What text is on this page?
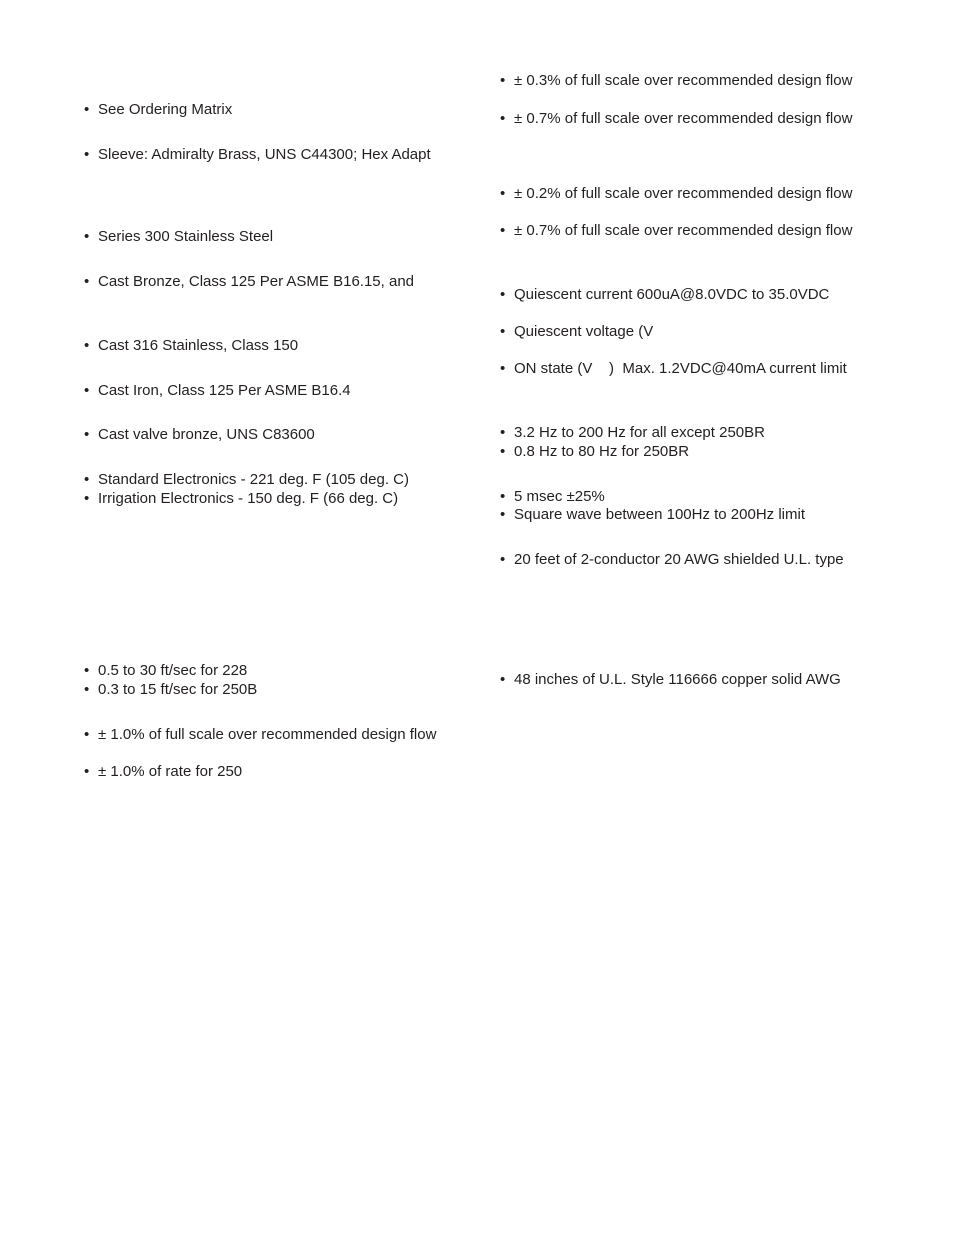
• See Ordering Matrix
• Sleeve: Admiralty Brass, UNS C44300; Hex Adapt
• Series 300 Stainless Steel
• Cast Bronze, Class 125 Per ASME B16.15, and
• Cast 316 Stainless, Class 150
• Cast Iron, Class 125 Per ASME B16.4
• Cast valve bronze, UNS C83600
• Standard Electronics - 221 deg. F (105 deg. C)
• Irrigation Electronics - 150 deg. F (66 deg. C)
• 0.5 to 30 ft/sec for 228
• 0.3 to 15 ft/sec for 250B
• ± 1.0% of full scale over recommended design flow
• ± 1.0% of rate for 250
• ± 0.3% of full scale over recommended design flow
• ± 0.7% of full scale over recommended design flow
• ± 0.2% of full scale over recommended design flow
• ± 0.7% of full scale over recommended design flow
• Quiescent current 600uA@8.0VDC to 35.0VDC
• Quiescent voltage (V
• ON state (V    )  Max. 1.2VDC@40mA current limit
• 3.2 Hz to 200 Hz for all except 250BR
• 0.8 Hz to 80 Hz for 250BR
• 5 msec ±25%
• Square wave between 100Hz to 200Hz limit
• 20 feet of 2-conductor 20 AWG shielded U.L. type
• 48 inches of U.L. Style 116666 copper solid AWG
